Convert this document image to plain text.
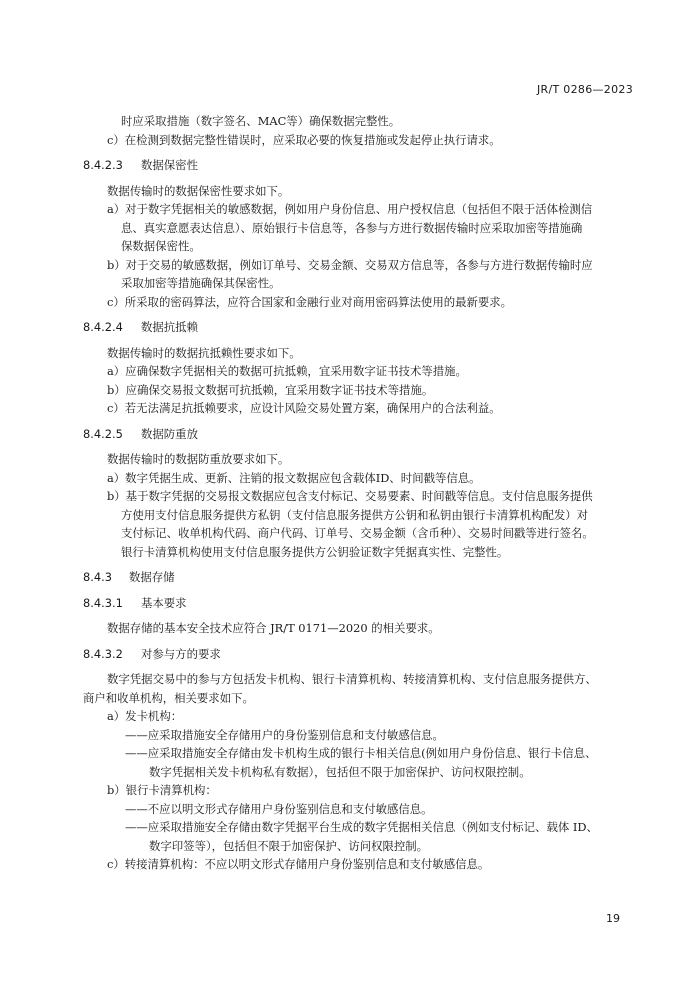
JR/T 0286—2023
时应采取措施（数字签名、MAC等）确保数据完整性。
c）在检测到数据完整性错误时，应采取必要的恢复措施或发起停止执行请求。
8.4.2.3 数据保密性
数据传输时的数据保密性要求如下。
a）对于数字凭据相关的敏感数据，例如用户身份信息、用户授权信息（包括但不限于活体检测信
息、真实意愿表达信息）、原始银行卡信息等，各参与方进行数据传输时应采取加密等措施确
保数据保密性。
b）对于交易的敏感数据，例如订单号、交易金额、交易双方信息等，各参与方进行数据传输时应
采取加密等措施确保其保密性。
c）所采取的密码算法，应符合国家和金融行业对商用密码算法使用的最新要求。
8.4.2.4 数据抗抵赖
数据传输时的数据抗抵赖性要求如下。
a）应确保数字凭据相关的数据可抗抵赖，宜采用数字证书技术等措施。
b）应确保交易报文数据可抗抵赖，宜采用数字证书技术等措施。
c）若无法满足抗抵赖要求，应设计风险交易处置方案，确保用户的合法利益。
8.4.2.5 数据防重放
数据传输时的数据防重放要求如下。
a）数字凭据生成、更新、注销的报文数据应包含载体ID、时间戳等信息。
b）基于数字凭据的交易报文数据应包含支付标记、交易要素、时间戳等信息。支付信息服务提供
方使用支付信息服务提供方私钥（支付信息服务提供方公钥和私钥由银行卡清算机构配发）对
支付标记、收单机构代码、商户代码、订单号、交易金额（含币种）、交易时间戳等进行签名。
银行卡清算机构使用支付信息服务提供方公钥验证数字凭据真实性、完整性。
8.4.3 数据存储
8.4.3.1 基本要求
数据存储的基本安全技术应符合 JR/T 0171—2020 的相关要求。
8.4.3.2 对参与方的要求
数字凭据交易中的参与方包括发卡机构、银行卡清算机构、转接清算机构、支付信息服务提供方、
商户和收单机构，相关要求如下。
a）发卡机构：
——应采取措施安全存储用户的身份鉴别信息和支付敏感信息。
——应采取措施安全存储由发卡机构生成的银行卡相关信息(例如用户身份信息、银行卡信息、
数字凭据相关发卡机构私有数据），包括但不限于加密保护、访问权限控制。
b）银行卡清算机构：
——不应以明文形式存储用户身份鉴别信息和支付敏感信息。
——应采取措施安全存储由数字凭据平台生成的数字凭据相关信息（例如支付标记、载体 ID、
数字印签等），包括但不限于加密保护、访问权限控制。
c）转接清算机构：不应以明文形式存储用户身份鉴别信息和支付敏感信息。
19
